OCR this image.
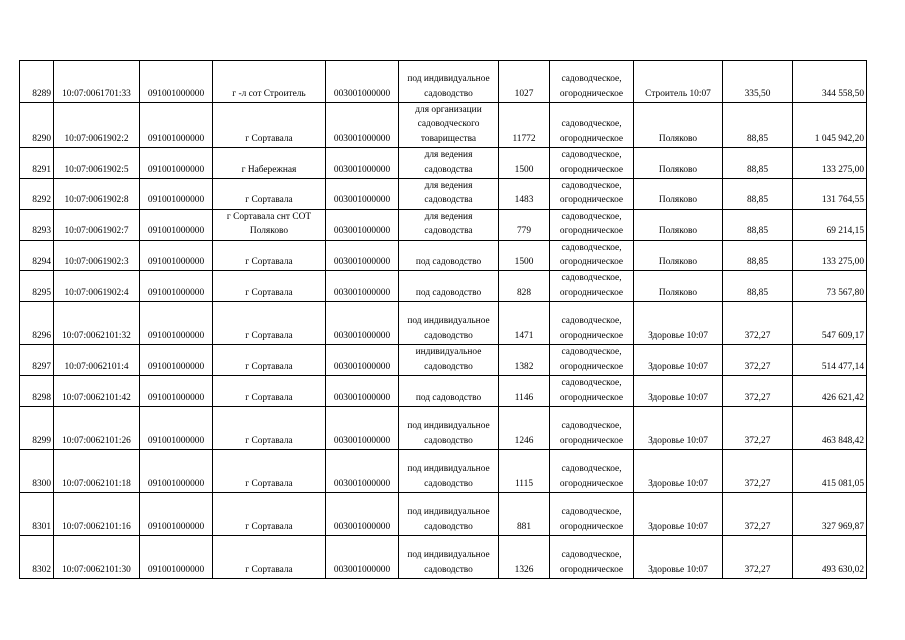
8289	10:07:0061701:33	091001000000	г -л сот Строитель	003001000000	под индивидуальное
садоводство	1027	садоводческое,
огородническое	Строитель 10:07	335,50	344 558,50
8290	10:07:0061902:2	091001000000	г Сортавала	003001000000	для организации
садоводческого
товарищества	11772	садоводческое,
огородническое	Поляково	88,85	1 045 942,20
8291	10:07:0061902:5	091001000000	г Набережная	003001000000	для ведения
садоводства	1500	садоводческое,
огородническое	Поляково	88,85	133 275,00
8292	10:07:0061902:8	091001000000	г Сортавала	003001000000	для ведения
садоводства	1483	садоводческое,
огородническое	Поляково	88,85	131 764,55
8293	10:07:0061902:7	091001000000	г Сортавала снт СОТ
Поляково	003001000000	для ведения
садоводства	779	садоводческое,
огородническое	Поляково	88,85	69 214,15
8294	10:07:0061902:3	091001000000	г Сортавала	003001000000	под садоводство	1500	садоводческое,
огородническое	Поляково	88,85	133 275,00
8295	10:07:0061902:4	091001000000	г Сортавала	003001000000	под садоводство	828	садоводческое,
огородническое	Поляково	88,85	73 567,80
8296	10:07:0062101:32	091001000000	г Сортавала	003001000000	под индивидуальное
садоводство	1471	садоводческое,
огородническое	Здоровье 10:07	372,27	547 609,17
8297	10:07:0062101:4	091001000000	г Сортавала	003001000000	индивидуальное
садоводство	1382	садоводческое,
огородническое	Здоровье 10:07	372,27	514 477,14
8298	10:07:0062101:42	091001000000	г Сортавала	003001000000	под садоводство	1146	садоводческое,
огородническое	Здоровье 10:07	372,27	426 621,42
8299	10:07:0062101:26	091001000000	г Сортавала	003001000000	под индивидуальное
садоводство	1246	садоводческое,
огородническое	Здоровье 10:07	372,27	463 848,42
8300	10:07:0062101:18	091001000000	г Сортавала	003001000000	под индивидуальное
садоводство	1115	садоводческое,
огородническое	Здоровье 10:07	372,27	415 081,05
8301	10:07:0062101:16	091001000000	г Сортавала	003001000000	под индивидуальное
садоводство	881	садоводческое,
огородническое	Здоровье 10:07	372,27	327 969,87
8302	10:07:0062101:30	091001000000	г Сортавала	003001000000	под индивидуальное
садоводство	1326	садоводческое,
огородническое	Здоровье 10:07	372,27	493 630,02
